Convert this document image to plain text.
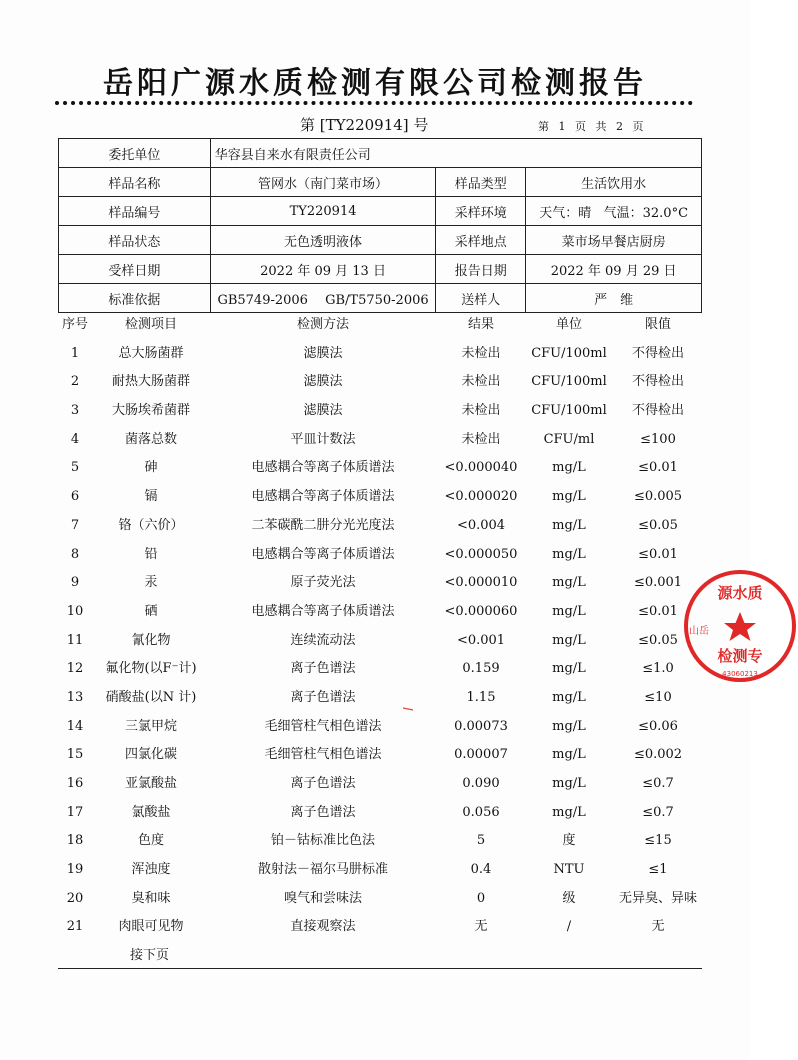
岳阳广源水质检测有限公司检测报告
第 [TY220914] 号	第 1 页 共 2 页
委托单位	华容县自来水有限责任公司		
样品名称	管网水（南门菜市场）	样品类型	生活饮用水
样品编号	TY220914	采样环境	天气：晴 气温：32.0°C
样品状态	无色透明液体	采样地点	菜市场早餐店厨房
受样日期	2022 年 09 月 13 日	报告日期	2022 年 09 月 29 日
标准依据	GB5749-2006　 GB/T5750-2006	送样人	严　维
序号	检测项目	检测方法	结果	单位	限值
1	总大肠菌群	滤膜法	未检出	CFU/100ml	不得检出
2	耐热大肠菌群	滤膜法	未检出	CFU/100ml	不得检出
3	大肠埃希菌群	滤膜法	未检出	CFU/100ml	不得检出
4	菌落总数	平皿计数法	未检出	CFU/ml	≤100
5	砷	电感耦合等离子体质谱法	<0.000040	mg/L	≤0.01
6	镉	电感耦合等离子体质谱法	<0.000020	mg/L	≤0.005
7	铬（六价）	二苯碳酰二肼分光光度法	<0.004	mg/L	≤0.05
8	铅	电感耦合等离子体质谱法	<0.000050	mg/L	≤0.01
9	汞	原子荧光法	<0.000010	mg/L	≤0.001
10	硒	电感耦合等离子体质谱法	<0.000060	mg/L	≤0.01
11	氰化物	连续流动法	<0.001	mg/L	≤0.05
12	氟化物(以F⁻计)	离子色谱法	0.159	mg/L	≤1.0
13	硝酸盐(以N 计)	离子色谱法	1.15	mg/L	≤10
14	三氯甲烷	毛细管柱气相色谱法	0.00073	mg/L	≤0.06
15	四氯化碳	毛细管柱气相色谱法	0.00007	mg/L	≤0.002
16	亚氯酸盐	离子色谱法	0.090	mg/L	≤0.7
17	氯酸盐	离子色谱法	0.056	mg/L	≤0.7
18	色度	铂－钴标准比色法	5	度	≤15
19	浑浊度	散射法－福尔马肼标准	0.4	NTU	≤1
20	臭和味	嗅气和尝味法	0	级	无异臭、异味
21	肉眼可见物	直接观察法	无	/	无
接下页
源水质
山岳
检测专
43060213
